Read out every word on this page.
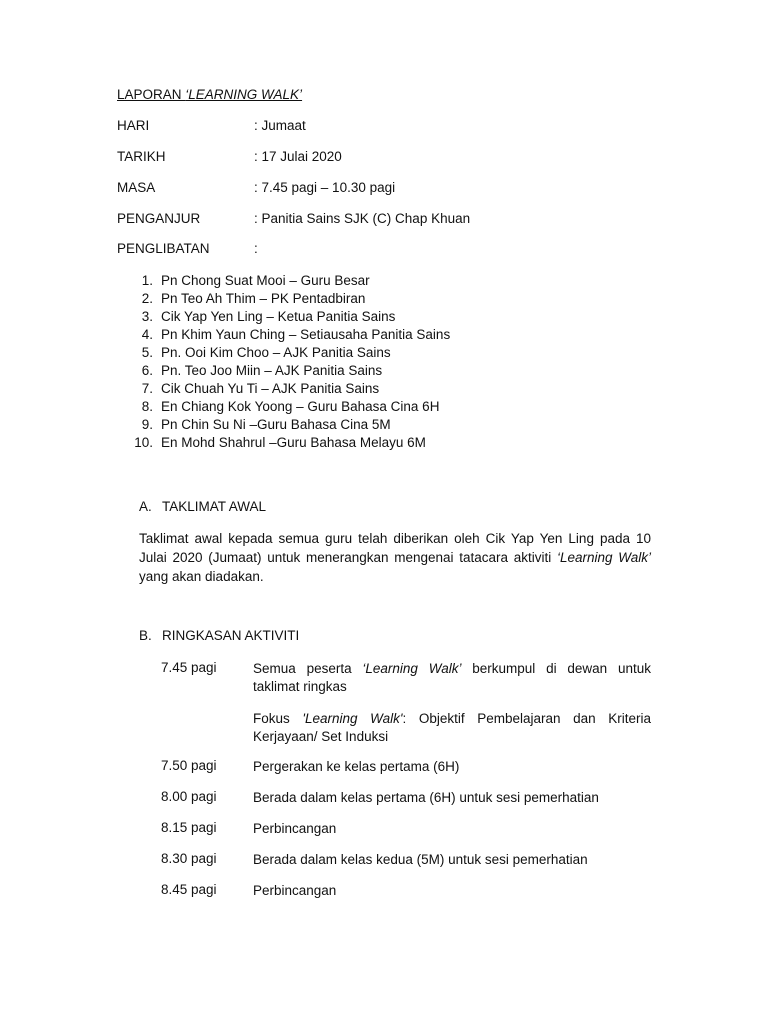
LAPORAN ‘LEARNING WALK’
HARI	: Jumaat
TARIKH	: 17 Julai 2020
MASA	: 7.45 pagi – 10.30 pagi
PENGANJUR	: Panitia Sains SJK (C) Chap Khuan
PENGLIBATAN	:
1. Pn Chong Suat Mooi – Guru Besar
2. Pn Teo Ah Thim – PK Pentadbiran
3. Cik Yap Yen Ling – Ketua Panitia Sains
4. Pn Khim Yaun Ching – Setiausaha Panitia Sains
5. Pn. Ooi Kim Choo – AJK Panitia Sains
6. Pn. Teo Joo Miin – AJK Panitia Sains
7. Cik Chuah Yu Ti – AJK Panitia Sains
8. En Chiang Kok Yoong – Guru Bahasa Cina 6H
9. Pn Chin Su Ni –Guru Bahasa Cina 5M
10. En Mohd Shahrul –Guru Bahasa Melayu 6M
A. TAKLIMAT AWAL
Taklimat awal kepada semua guru telah diberikan oleh Cik Yap Yen Ling pada 10 Julai 2020 (Jumaat) untuk menerangkan mengenai tatacara aktiviti ‘Learning Walk’ yang akan diadakan.
B. RINGKASAN AKTIVITI
7.45 pagi	Semua peserta ‘Learning Walk’ berkumpul di dewan untuk taklimat ringkas
Fokus 'Learning Walk': Objektif Pembelajaran dan Kriteria Kerjayaan/ Set Induksi
7.50 pagi	Pergerakan ke kelas pertama (6H)
8.00 pagi	Berada dalam kelas pertama (6H) untuk sesi pemerhatian
8.15 pagi	Perbincangan
8.30 pagi	Berada dalam kelas kedua (5M) untuk sesi pemerhatian
8.45 pagi	Perbincangan
